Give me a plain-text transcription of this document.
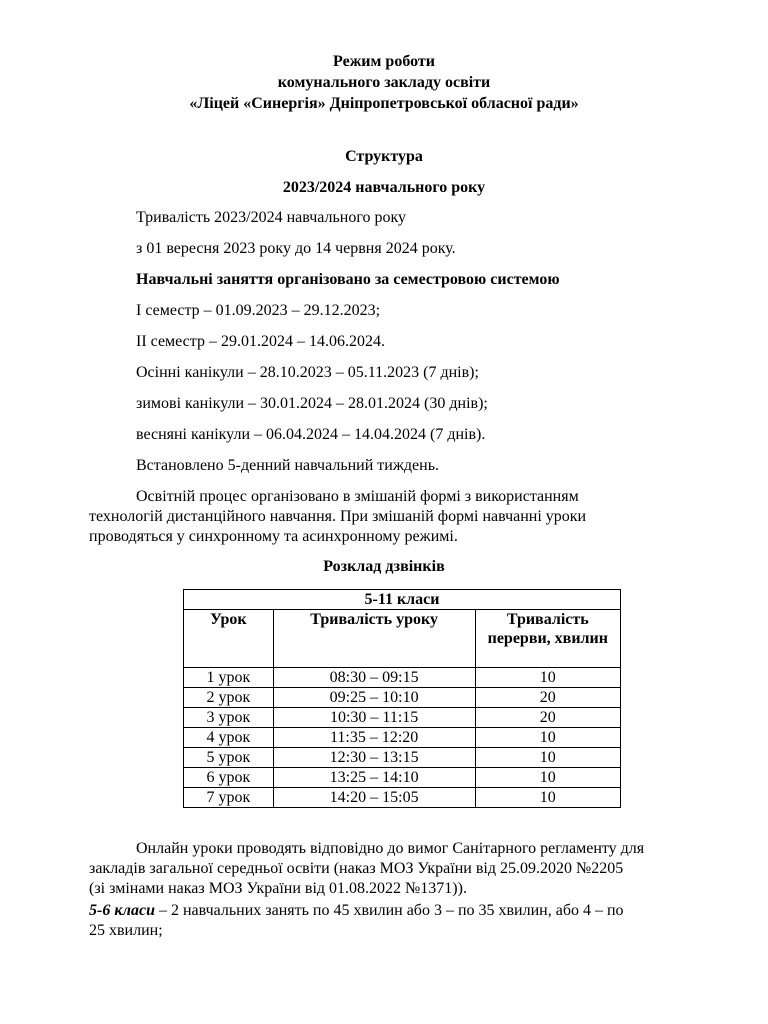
Режим роботи
комунального закладу освіти
«Ліцей «Синергія» Дніпропетровської обласної ради»
Структура
2023/2024 навчального року
Тривалість 2023/2024 навчального року
з 01 вересня 2023 року до 14 червня 2024 року.
Навчальні заняття організовано за семестровою системою
І семестр – 01.09.2023 – 29.12.2023;
ІІ семестр – 29.01.2024 – 14.06.2024.
Осінні канікули – 28.10.2023 – 05.11.2023 (7 днів);
зимові канікули – 30.01.2024 – 28.01.2024 (30 днів);
весняні канікули – 06.04.2024 – 14.04.2024 (7 днів).
Встановлено 5-денний навчальний тиждень.
Освітній процес організовано в змішаній формі з використанням
технологій дистанційного навчання. При змішаній формі навчанні уроки
проводяться у синхронному та асинхронному режимі.
Розклад дзвінків
5-11 класи		
Урок	Тривалість уроку	Тривалість перерви, хвилин
1 урок	08:30 – 09:15	10
2 урок	09:25 – 10:10	20
3 урок	10:30 – 11:15	20
4 урок	11:35 – 12:20	10
5 урок	12:30 – 13:15	10
6 урок	13:25 – 14:10	10
7 урок	14:20 – 15:05	10
Онлайн уроки проводять відповідно до вимог Санітарного регламенту для
закладів загальної середньої освіти (наказ МОЗ України від 25.09.2020 №2205
(зі змінами наказ МОЗ України від 01.08.2022 №1371)).
5-6 класи – 2 навчальних занять по 45 хвилин або 3 – по 35 хвилин, або 4 – по
25 хвилин;
